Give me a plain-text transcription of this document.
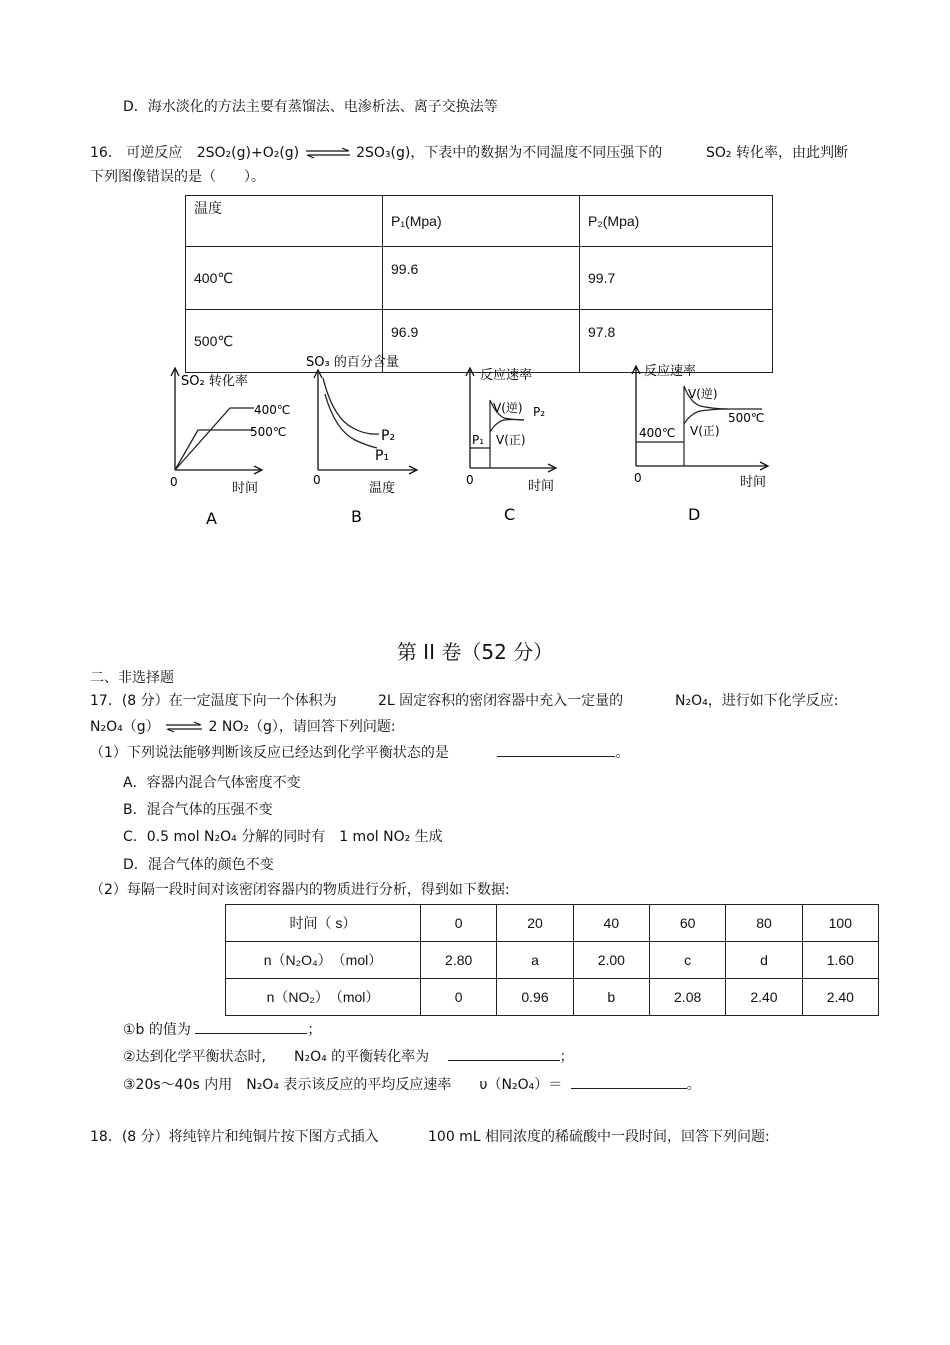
D．海水淡化的方法主要有蒸馏法、电渗析法、离子交换法等
16． 可逆反应 2SO₂(g)+O₂(g) ⇌ 2SO₃(g)，下表中的数据为不同温度不同压强下的	SO₂ 转化率，由此判断
下列图像错误的是（　　）。
温度	P₁(Mpa)	P₂(Mpa)
400℃	99.6	99.7
500℃	96.9	97.8
SO₂ 转化率
400℃
500℃
0	时间
A
SO₃ 的百分含量
P₂
P₁
0
温度
B
反应速率
P₁
V(逆) P₂
V(正)
0	时间
C
反应速率
400℃
V(逆)
500℃
V(正)
0	时间
D
第 II 卷（52 分）
二、非选择题
17．(8 分）在一定温度下向一个体积为	2L 固定容积的密闭容器中充入一定量的	N₂O₄，进行如下化学反应:
N₂O₄（g） ⇌ 2 NO₂（g），请回答下列问题:
（1）下列说法能够判断该反应已经达到化学平衡状态的是	。
A．容器内混合气体密度不变
B．混合气体的压强不变
C．0.5 mol N₂O₄ 分解的同时有　1 mol NO₂ 生成
D．混合气体的颜色不变
（2）每隔一段时间对该密闭容器内的物质进行分析，得到如下数据:
时间（ s）	0	20	40	60	80	100
n（N₂O₄）　（mol）	2.80	a	2.00	c	d	1.60
n（NO₂）　（mol）	0	0.96	b	2.08	2.40	2.40
①b 的值为	；
②达到化学平衡状态时,　　N₂O₄ 的平衡转化率为	；
③20s～40s 内用　N₂O₄ 表示该反应的平均反应速率　　υ（N₂O₄）＝	。
18．(8 分）将纯锌片和纯铜片按下图方式插入	100 mL 相同浓度的稀硫酸中一段时间，回答下列问题:
